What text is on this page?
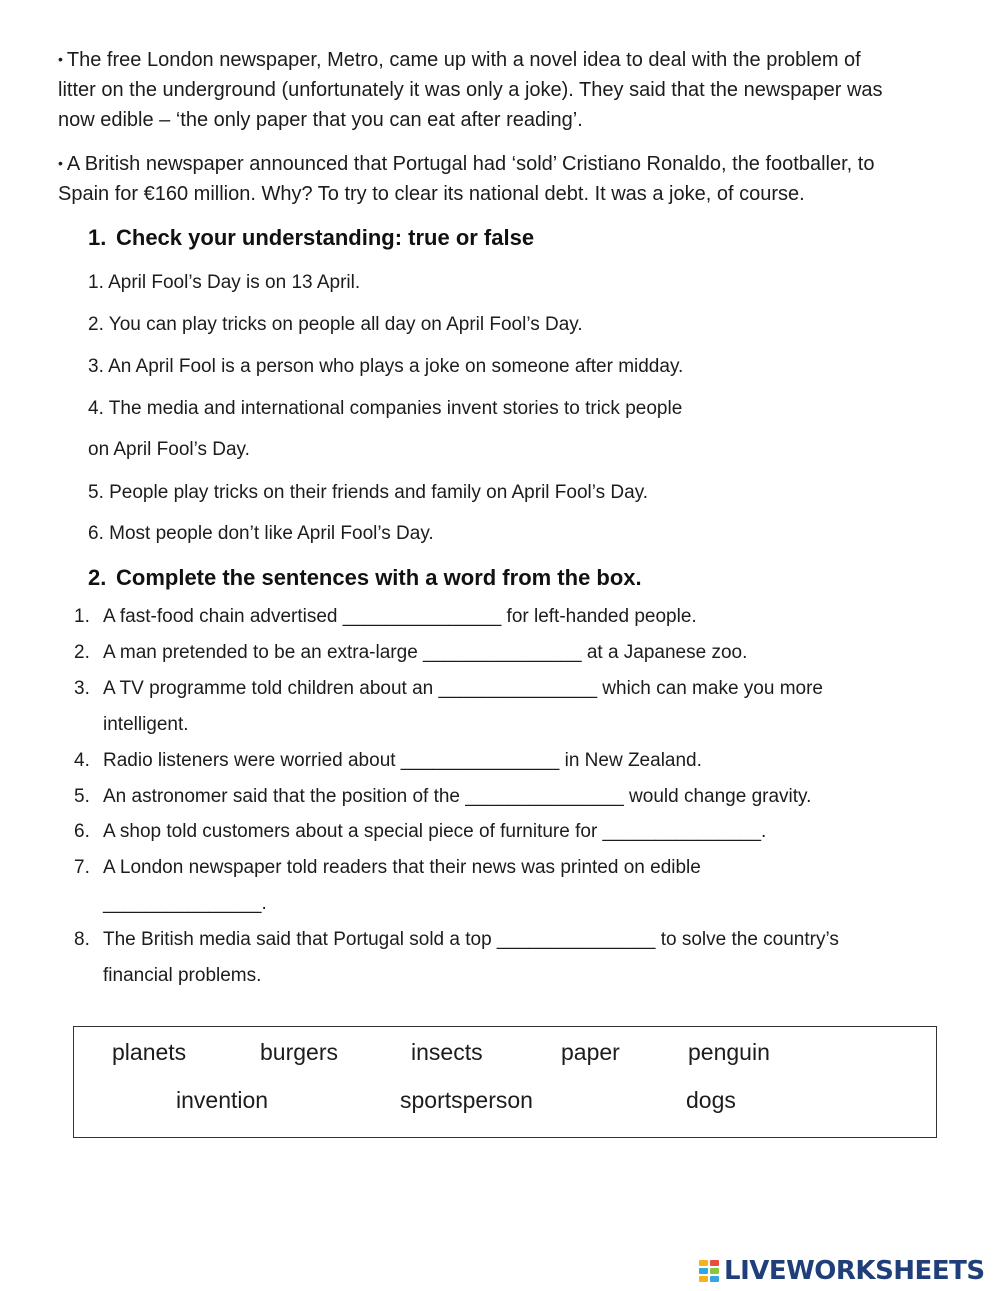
• The free London newspaper, Metro, came up with a novel idea to deal with the problem of
litter on the underground (unfortunately it was only a joke). They said that the newspaper was
now edible – ‘the only paper that you can eat after reading’.
• A British newspaper announced that Portugal had ‘sold’ Cristiano Ronaldo, the footballer, to
Spain for €160 million. Why? To try to clear its national debt. It was a joke, of course.
1. Check your understanding: true or false
1. April Fool’s Day is on 13 April.
2. You can play tricks on people all day on April Fool’s Day.
3. An April Fool is a person who plays a joke on someone after midday.
4. The media and international companies invent stories to trick people
on April Fool’s Day.
5. People play tricks on their friends and family on April Fool’s Day.
6. Most people don’t like April Fool’s Day.
2. Complete the sentences with a word from the box.
1. A fast-food chain advertised _______________ for left-handed people.
2. A man pretended to be an extra-large _______________ at a Japanese zoo.
3. A TV programme told children about an _______________ which can make you more
intelligent.
4. Radio listeners were worried about _______________ in New Zealand.
5. An astronomer said that the position of the _______________ would change gravity.
6. A shop told customers about a special piece of furniture for _______________.
7. A London newspaper told readers that their news was printed on edible
_______________.
8. The British media said that Portugal sold a top _______________ to solve the country’s
financial problems.
planets	burgers	insects	paper	penguin
invention	sportsperson	dogs
LIVEWORKSHEETS
